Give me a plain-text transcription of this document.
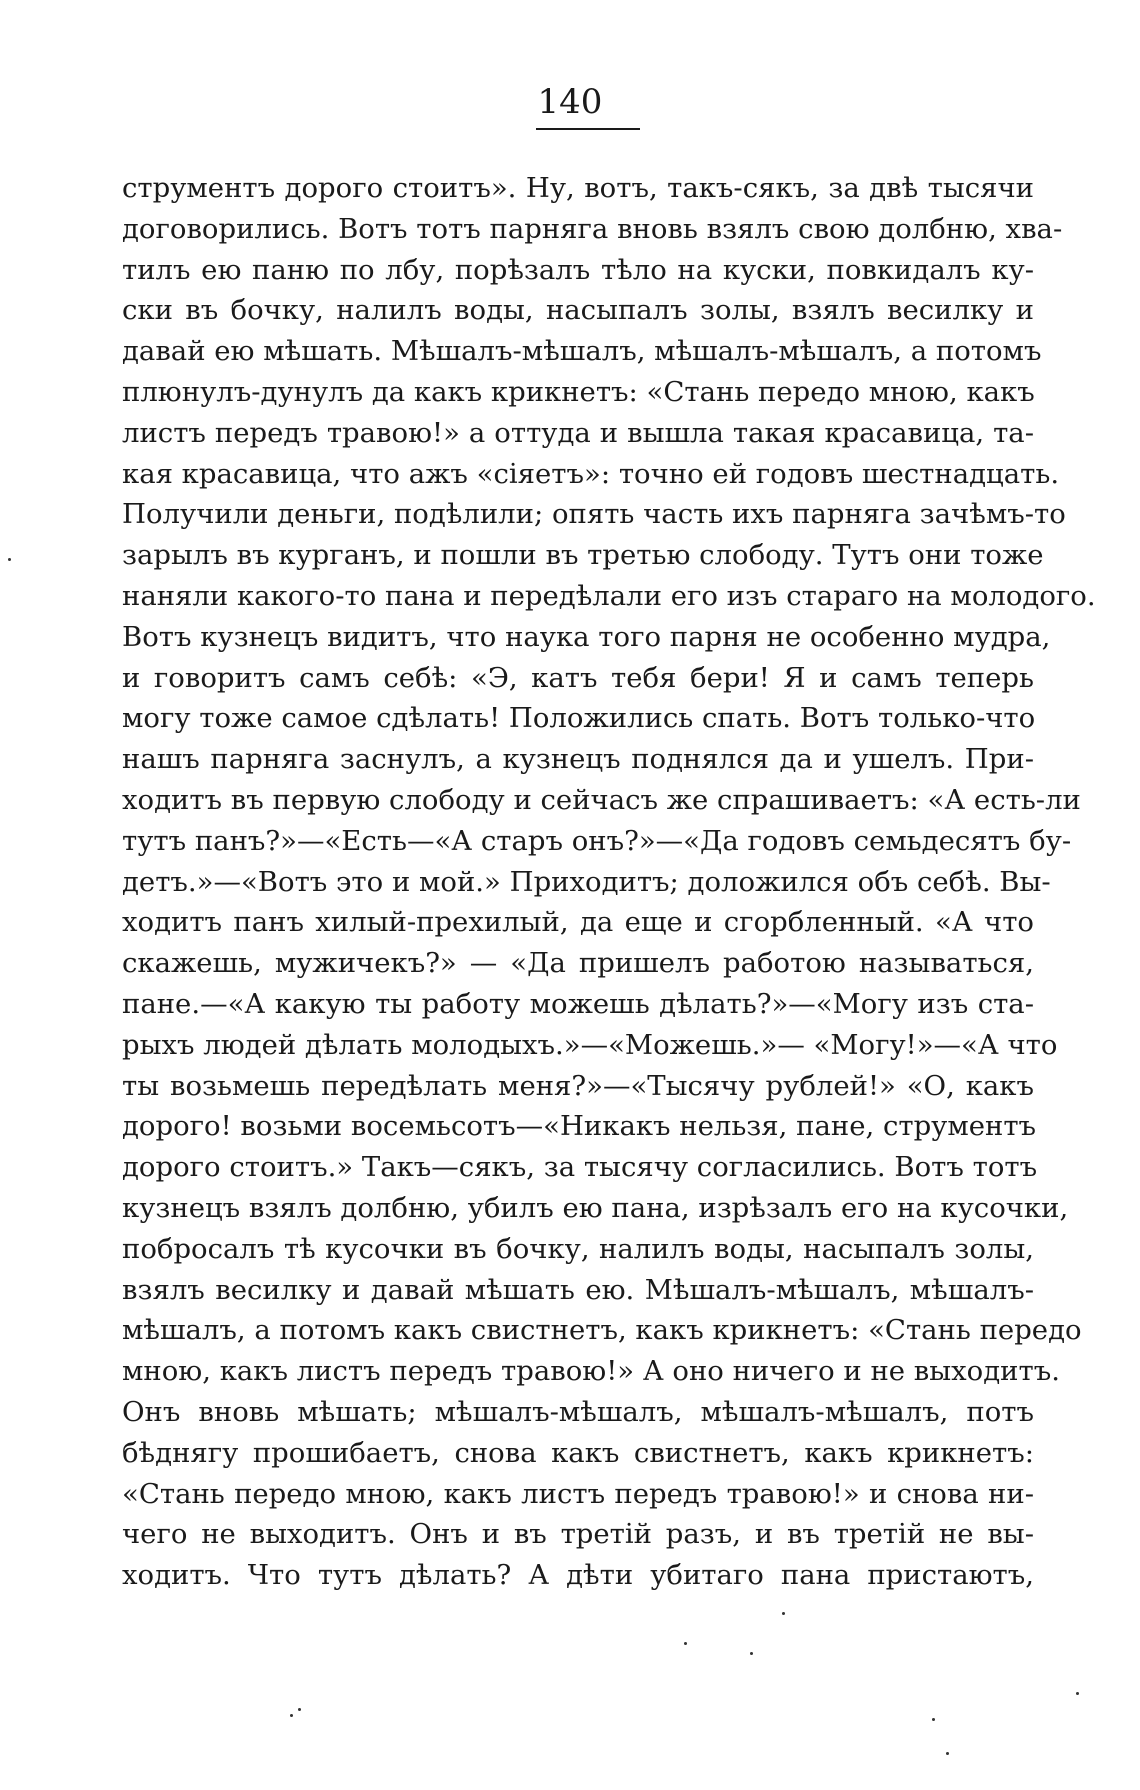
140
струментъ дорого стоитъ». Ну, вотъ, такъ-сякъ, за двѣ тысячи
договорились. Вотъ тотъ парняга вновь взялъ свою долбню, хва-
тилъ ею паню по лбу, порѣзалъ тѣло на куски, повкидалъ ку-
ски въ бочку, налилъ воды, насыпалъ золы, взялъ весилку и
давай ею мѣшать. Мѣшалъ-мѣшалъ, мѣшалъ-мѣшалъ, а потомъ
плюнулъ-дунулъ да какъ крикнетъ: «Стань передо мною, какъ
листъ передъ травою!» а оттуда и вышла такая красавица, та-
кая красавица, что ажъ «сіяетъ»: точно ей годовъ шестнадцать.
Получили деньги, подѣлили; опять часть ихъ парняга зачѣмъ-то
зарылъ въ курганъ, и пошли въ третью слободу. Тутъ они тоже
наняли какого-то пана и передѣлали его изъ стараго на молодого.
Вотъ кузнецъ видитъ, что наука того парня не особенно мудра,
и говоритъ самъ себѣ: «Э, катъ тебя бери! Я и самъ теперь
могу тоже самое сдѣлать! Положились спать. Вотъ только-что
нашъ парняга заснулъ, а кузнецъ поднялся да и ушелъ. При-
ходитъ въ первую слободу и сейчасъ же спрашиваетъ: «А есть-ли
тутъ панъ?»—«Есть—«А старъ онъ?»—«Да годовъ семьдесятъ бу-
детъ.»—«Вотъ это и мой.» Приходитъ; доложился объ себѣ. Вы-
ходитъ панъ хилый-прехилый, да еще и сгорбленный. «А что
скажешь, мужичекъ?» — «Да пришелъ работою называться,
пане.—«А какую ты работу можешь дѣлать?»—«Могу изъ ста-
рыхъ людей дѣлать молодыхъ.»—«Можешь.»— «Могу!»—«А что
ты возьмешь передѣлать меня?»—«Тысячу рублей!» «О, какъ
дорого! возьми восемьсотъ—«Никакъ нельзя, пане, струментъ
дорого стоитъ.» Такъ—сякъ, за тысячу согласились. Вотъ тотъ
кузнецъ взялъ долбню, убилъ ею пана, изрѣзалъ его на кусочки,
побросалъ тѣ кусочки въ бочку, налилъ воды, насыпалъ золы,
взялъ весилку и давай мѣшать ею. Мѣшалъ-мѣшалъ, мѣшалъ-
мѣшалъ, а потомъ какъ свистнетъ, какъ крикнетъ: «Стань передо
мною, какъ листъ передъ травою!» А оно ничего и не выходитъ.
Онъ вновь мѣшать; мѣшалъ-мѣшалъ, мѣшалъ-мѣшалъ, потъ
бѣднягу прошибаетъ, снова какъ свистнетъ, какъ крикнетъ:
«Стань передо мною, какъ листъ передъ травою!» и снова ни-
чего не выходитъ. Онъ и въ третій разъ, и въ третій не вы-
ходитъ. Что тутъ дѣлать? А дѣти убитаго пана пристаютъ,
